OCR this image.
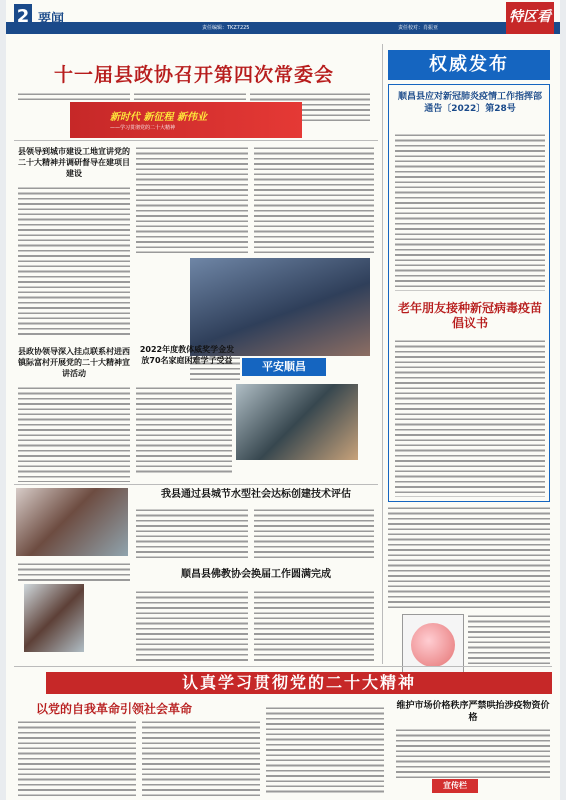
2 要闻
责任编辑：TKZ7225	责任校对：肖振亚
特区看
十一届县政协召开第四次常委会
新时代 新征程 新伟业
——学习贯彻党的二十大精神
县领导到城市建设工地宣讲党的二十大精神并调研督导在建项目建设
平安顺昌
县政协领导深入挂点联系村进西镇际富村开展党的二十大精神宣讲活动
2022年度教体威奖学金发放70名家庭困难学子受益
我县通过县城节水型社会达标创建技术评估
顺昌县佛教协会换届工作圆满完成
权威发布
顺昌县应对新冠肺炎疫情工作指挥部通告〔2022〕第28号
老年朋友接种新冠病毒疫苗倡议书
认真学习贯彻党的二十大精神
以党的自我革命引领社会革命	维护市场价格秩序严禁哄抬涉疫物资价格
宣传栏
